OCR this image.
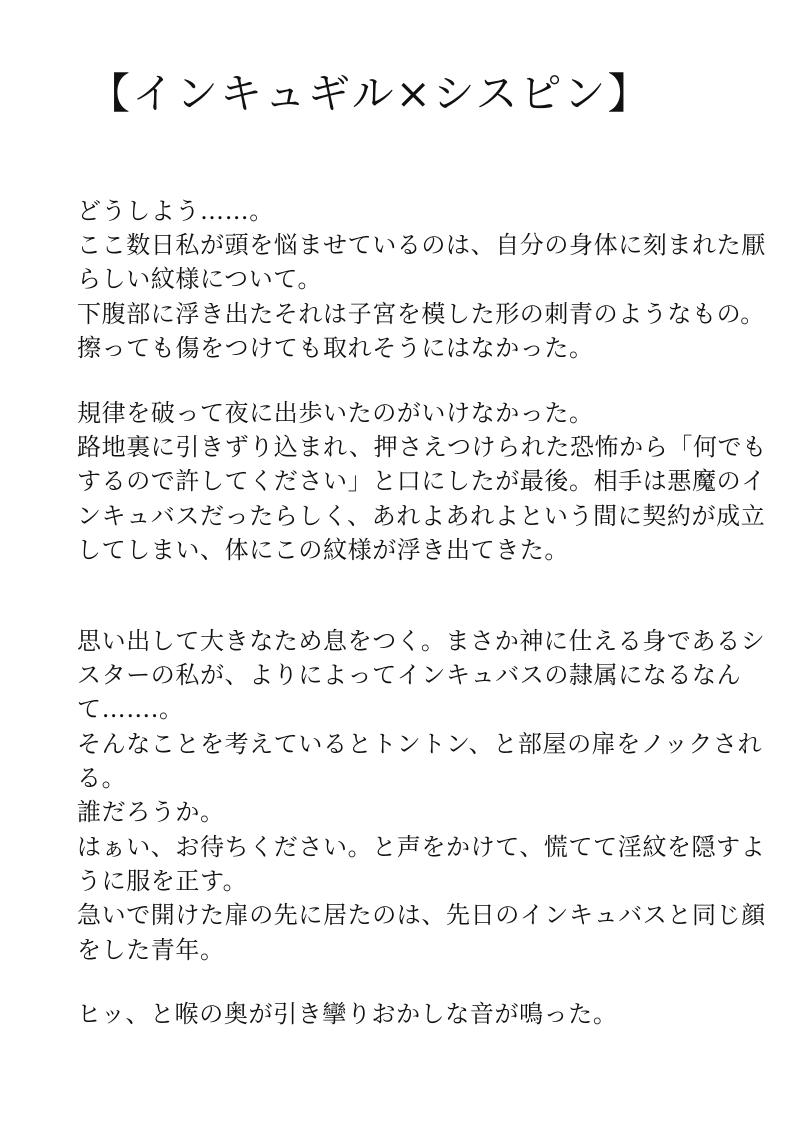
【インキュギル×シスピン】

どうしよう……。

ここ数日私が頭を悩ませているのは、自分の身体に刻まれた厭

らしい紋様について。

下腹部に浮き出たそれは子宮を模した形の刺青のようなもの。

擦っても傷をつけても取れそうにはなかった。

規律を破って夜に出歩いたのがいけなかった。

路地裏に引きずり込まれ、押さえつけられた恐怖から「何でも

するので許してください」と口にしたが最後。相手は悪魔のイ

ンキュバスだったらしく、あれよあれよという間に契約が成立

してしまい、体にこの紋様が浮き出てきた。

思い出して大きなため息をつく。まさか神に仕える身であるシ

スターの私が、よりによってインキュバスの隷属になるなん

て…….。

そんなことを考えているとトントン、と部屋の扉をノックされ

る。

誰だろうか。

はぁい、お待ちください。と声をかけて、慌てて淫紋を隠すよ

うに服を正す。

急いで開けた扉の先に居たのは、先日のインキュバスと同じ顔

をした青年。

ヒッ、と喉の奥が引き攣りおかしな音が鳴った。
